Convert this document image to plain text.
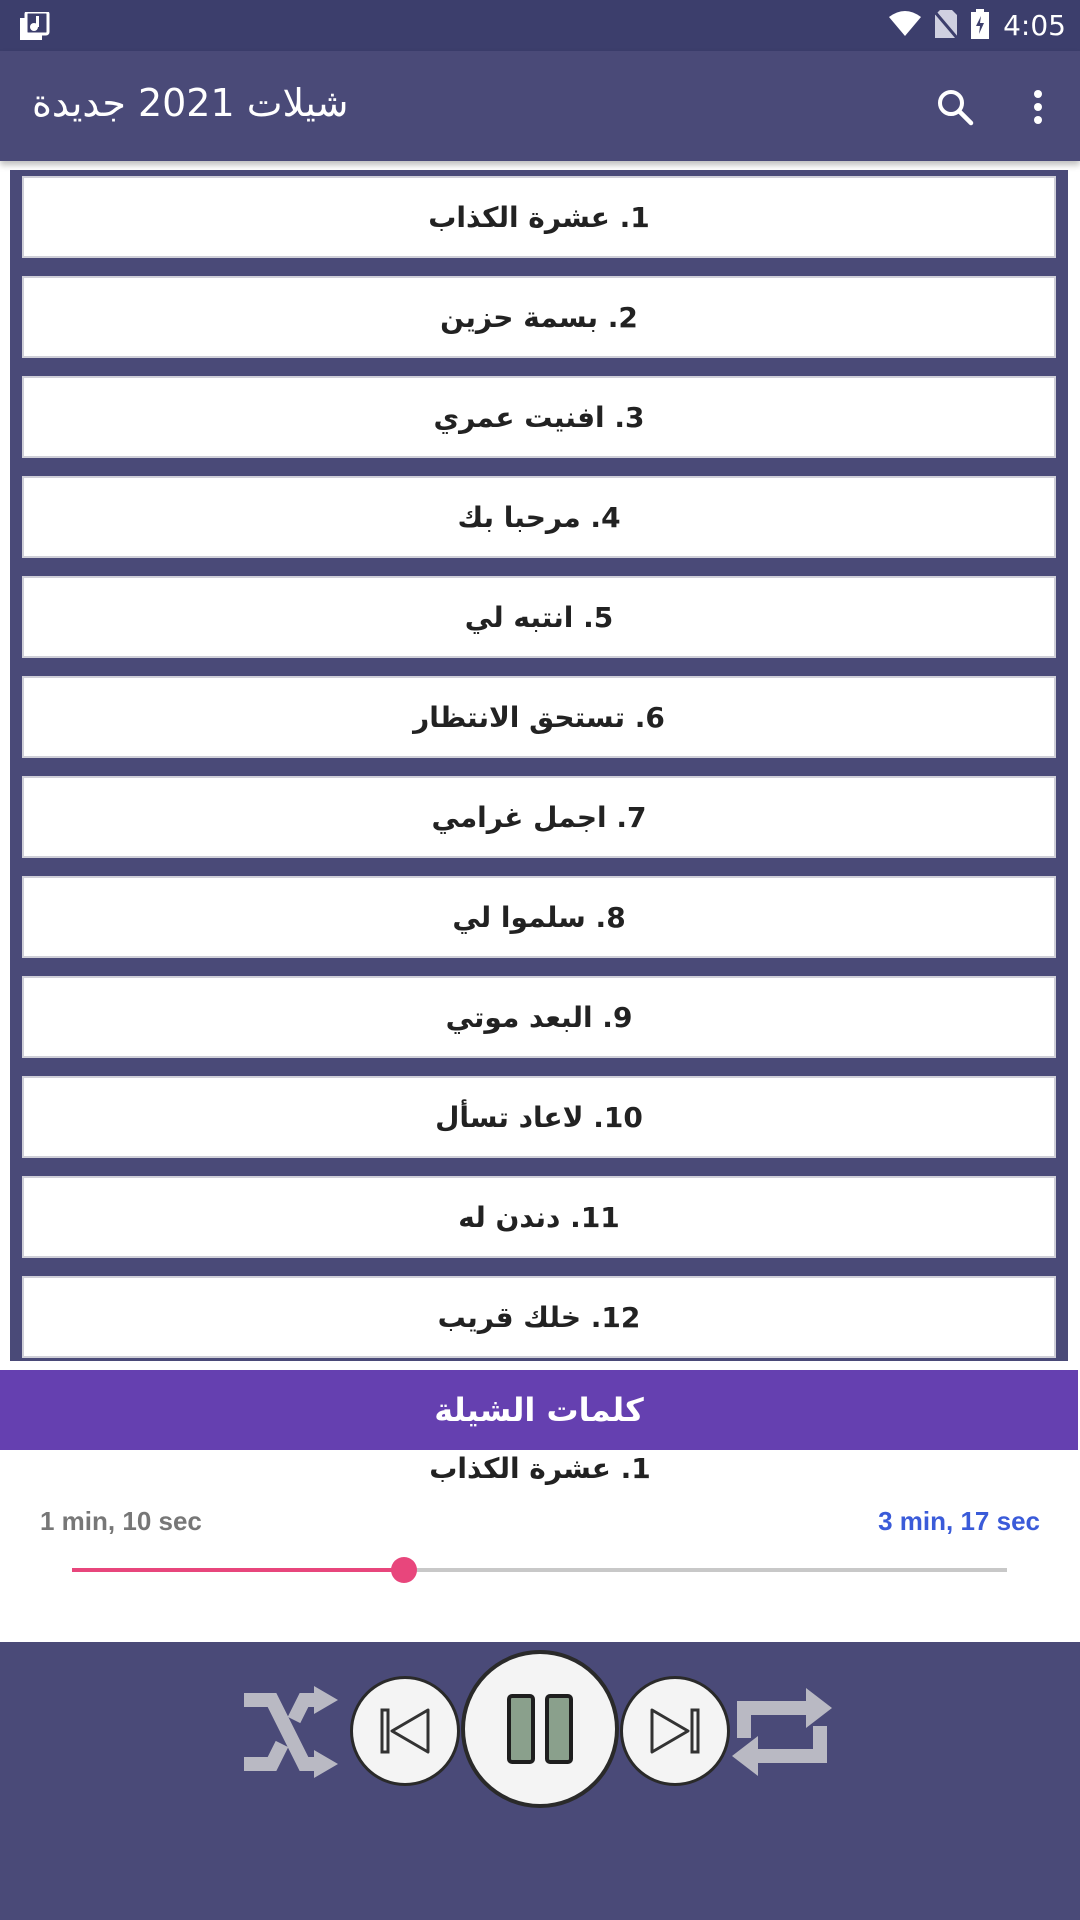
4:05
شيلات 2021 جديدة
1. عشرة الكذاب
2. بسمة حزين
3. افنيت عمري
4. مرحبا بك
5. انتبه لي
6. تستحق الانتظار
7. اجمل غرامي
8. سلموا لي
9. البعد موتي
10. لاعاد تسأل
11. دندن له
12. خلك قريب
كلمات الشيلة
1. عشرة الكذاب
1 min, 10 sec	3 min, 17 sec
